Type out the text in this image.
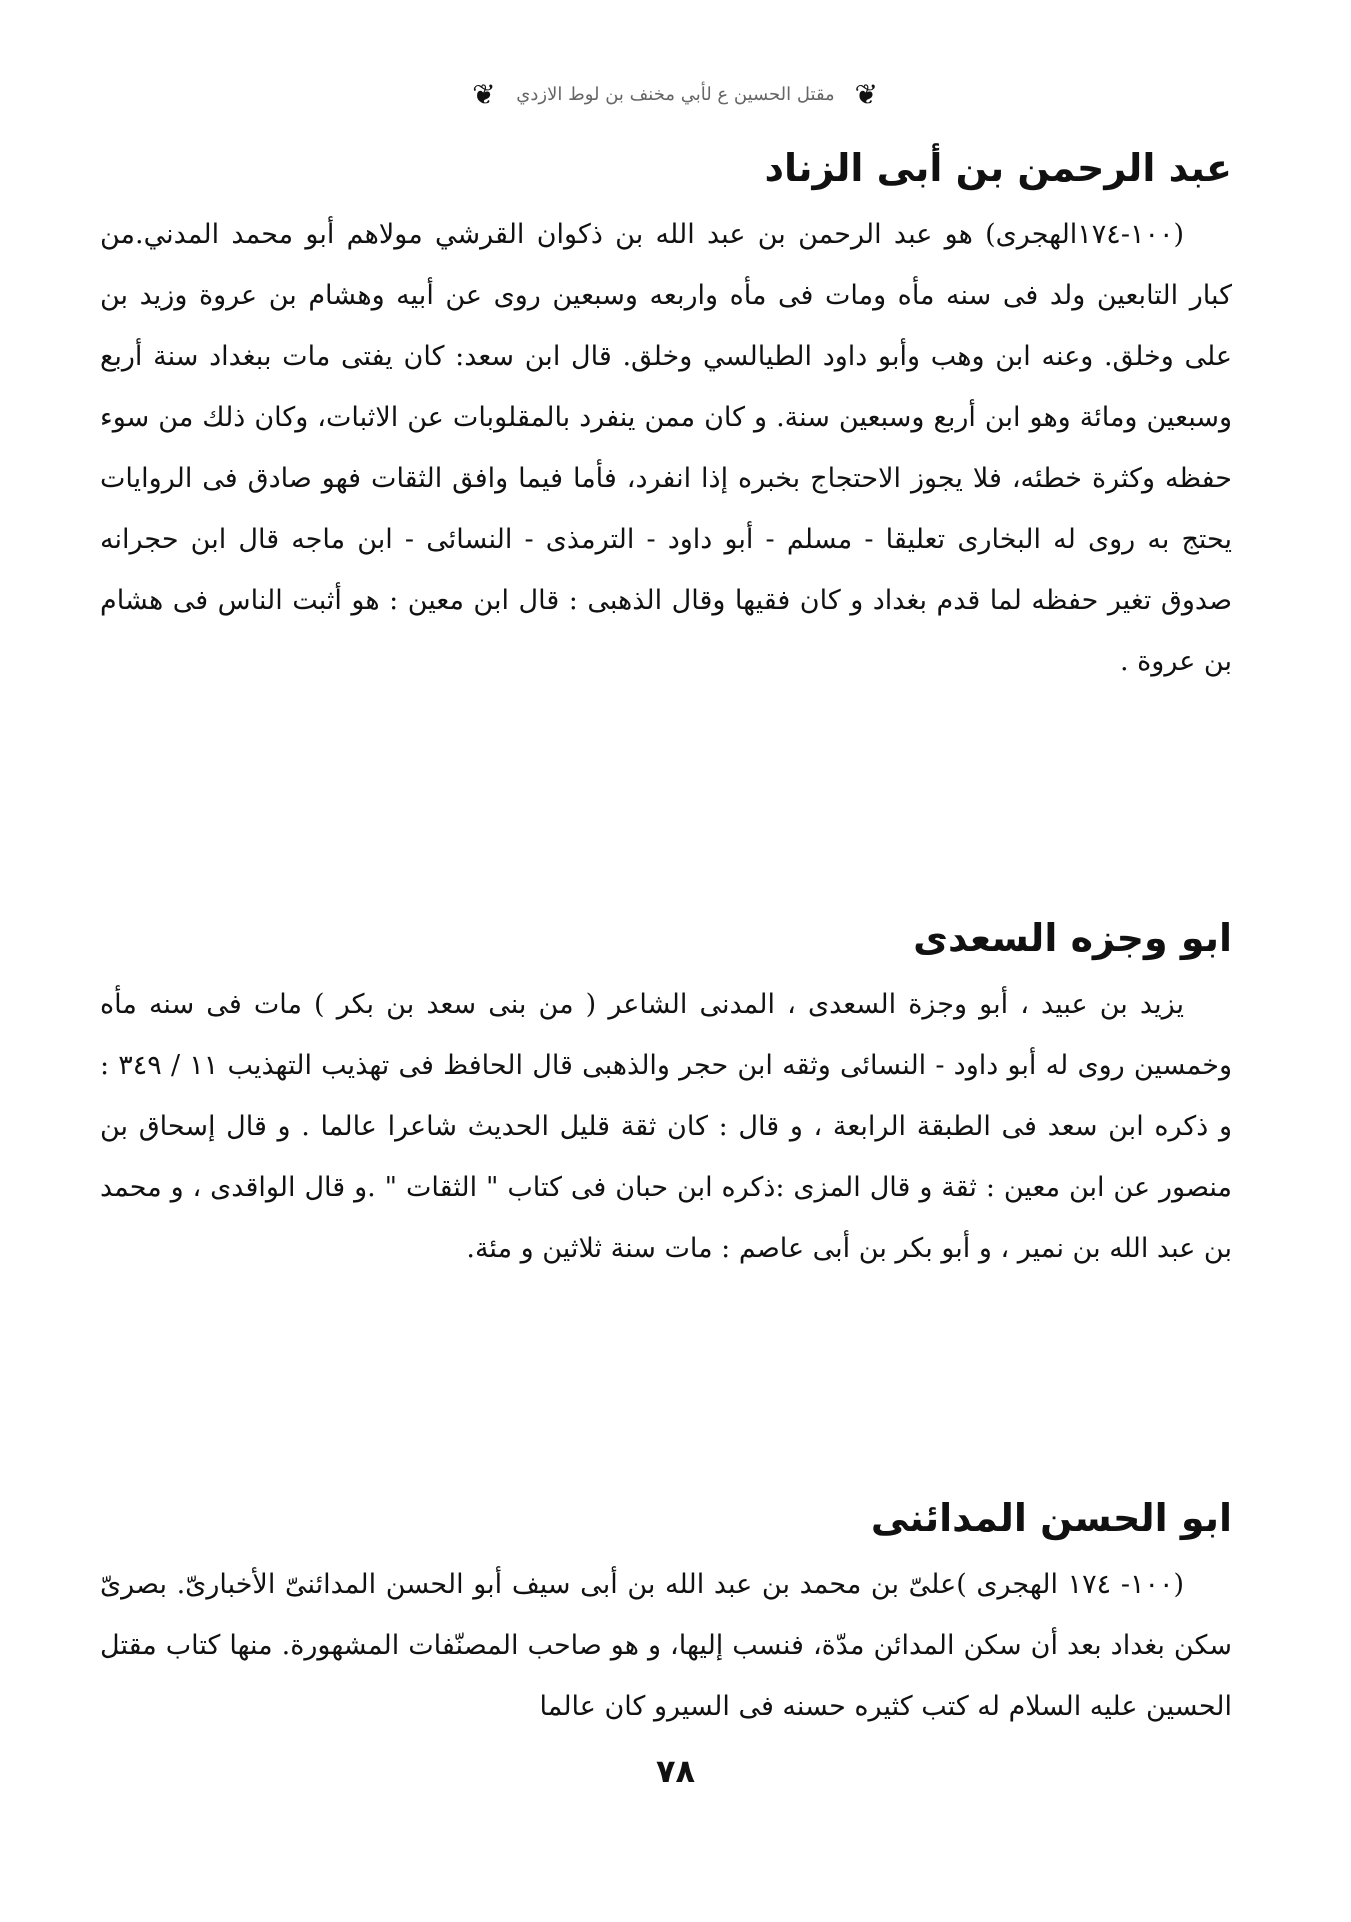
❦ مقتل الحسين ع لأبي مخنف بن لوط الازدي ❦
عبد الرحمن بن أبى الزناد

(١٠٠-١٧٤الهجرى) هو عبد الرحمن بن عبد الله بن ذكوان القرشي مولاهم أبو محمد المدني.من كبار التابعين ولد فى سنه مأه ومات فى مأه واربعه وسبعين روى عن أبيه وهشام بن عروة وزيد بن على وخلق. وعنه ابن وهب وأبو داود الطيالسي وخلق. قال ابن سعد: كان يفتى مات ببغداد سنة أربع وسبعين ومائة وهو ابن أربع وسبعين سنة. و كان ممن ينفرد بالمقلوبات عن الاثبات، وكان ذلك من سوء حفظه وكثرة خطئه، فلا يجوز الاحتجاج بخبره إذا انفرد، فأما فيما وافق الثقات فهو صادق فى الروايات يحتج به روى له البخارى تعليقا - مسلم - أبو داود - الترمذى - النسائى - ابن ماجه قال ابن حجرانه صدوق تغير حفظه لما قدم بغداد و كان فقيها وقال الذهبى : قال ابن معين : هو أثبت الناس فى هشام بن عروة .

ابو وجزه السعدى

يزيد بن عبيد ، أبو وجزة السعدى ، المدنى الشاعر ( من بنى سعد بن بكر ) مات فى سنه مأه وخمسين روى له أبو داود - النسائى وثقه ابن حجر والذهبى قال الحافظ فى تهذيب التهذيب ١١ / ٣٤٩ : و ذكره ابن سعد فى الطبقة الرابعة ، و قال : كان ثقة قليل الحديث شاعرا عالما . و قال إسحاق بن منصور عن ابن معين : ثقة و قال المزى :ذكره ابن حبان فى كتاب " الثقات " .و قال الواقدى ، و محمد بن عبد الله بن نمير ، و أبو بكر بن أبى عاصم : مات سنة ثلاثين و مئة.

ابو الحسن المدائنى

(١٠٠- ١٧٤ الهجرى )علىّ بن محمد بن عبد الله بن أبى سيف أبو الحسن المدائنىّ الأخبارىّ. بصرىّ سكن بغداد بعد أن سكن المدائن مدّة، فنسب إليها، و هو صاحب المصنّفات المشهورة. منها كتاب مقتل الحسين عليه السلام له كتب كثيره حسنه فى السيرو كان عالما

٧٨
